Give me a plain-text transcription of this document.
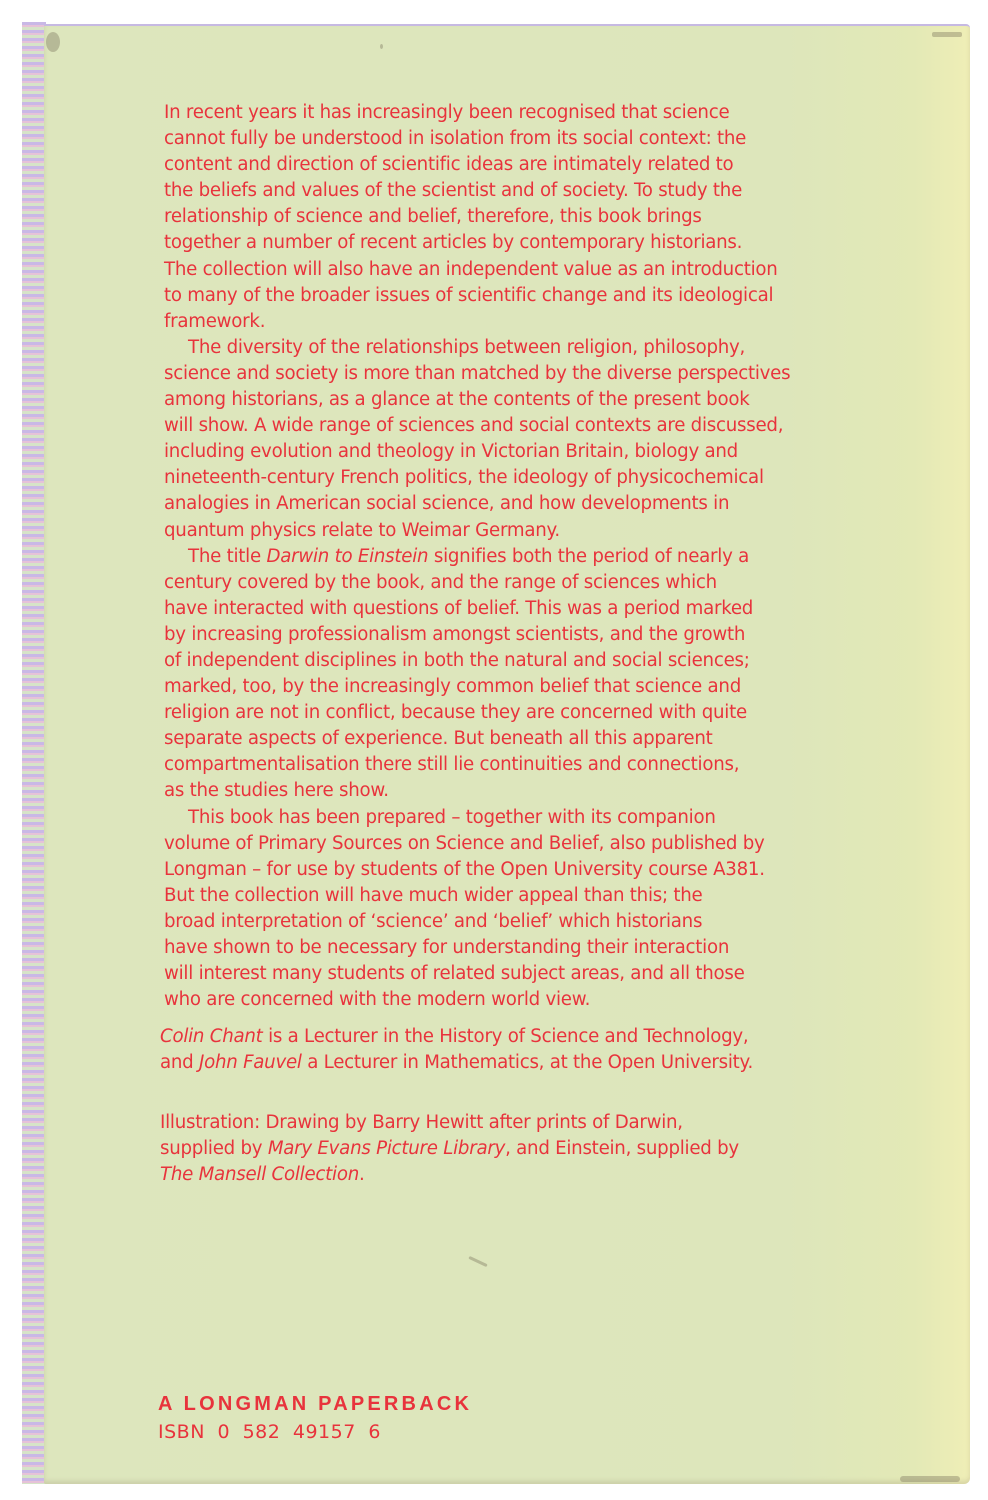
In recent years it has increasingly been recognised that science
cannot fully be understood in isolation from its social context: the
content and direction of scientific ideas are intimately related to
the beliefs and values of the scientist and of society. To study the
relationship of science and belief, therefore, this book brings
together a number of recent articles by contemporary historians.
The collection will also have an independent value as an introduction
to many of the broader issues of scientific change and its ideological
framework.

The diversity of the relationships between religion, philosophy,
science and society is more than matched by the diverse perspectives
among historians, as a glance at the contents of the present book
will show. A wide range of sciences and social contexts are discussed,
including evolution and theology in Victorian Britain, biology and
nineteenth-century French politics, the ideology of physicochemical
analogies in American social science, and how developments in
quantum physics relate to Weimar Germany.

The title Darwin to Einstein signifies both the period of nearly a
century covered by the book, and the range of sciences which
have interacted with questions of belief. This was a period marked
by increasing professionalism amongst scientists, and the growth
of independent disciplines in both the natural and social sciences;
marked, too, by the increasingly common belief that science and
religion are not in conflict, because they are concerned with quite
separate aspects of experience. But beneath all this apparent
compartmentalisation there still lie continuities and connections,
as the studies here show.

This book has been prepared – together with its companion
volume of Primary Sources on Science and Belief, also published by
Longman – for use by students of the Open University course A381.
But the collection will have much wider appeal than this; the
broad interpretation of ‘science’ and ‘belief’ which historians
have shown to be necessary for understanding their interaction
will interest many students of related subject areas, and all those
who are concerned with the modern world view.

Colin Chant is a Lecturer in the History of Science and Technology,

and John Fauvel a Lecturer in Mathematics, at the Open University.

Illustration: Drawing by Barry Hewitt after prints of Darwin,

supplied by Mary Evans Picture Library, and Einstein, supplied by

The Mansell Collection.

A LONGMAN PAPERBACK
ISBN 0 582 49157 6
